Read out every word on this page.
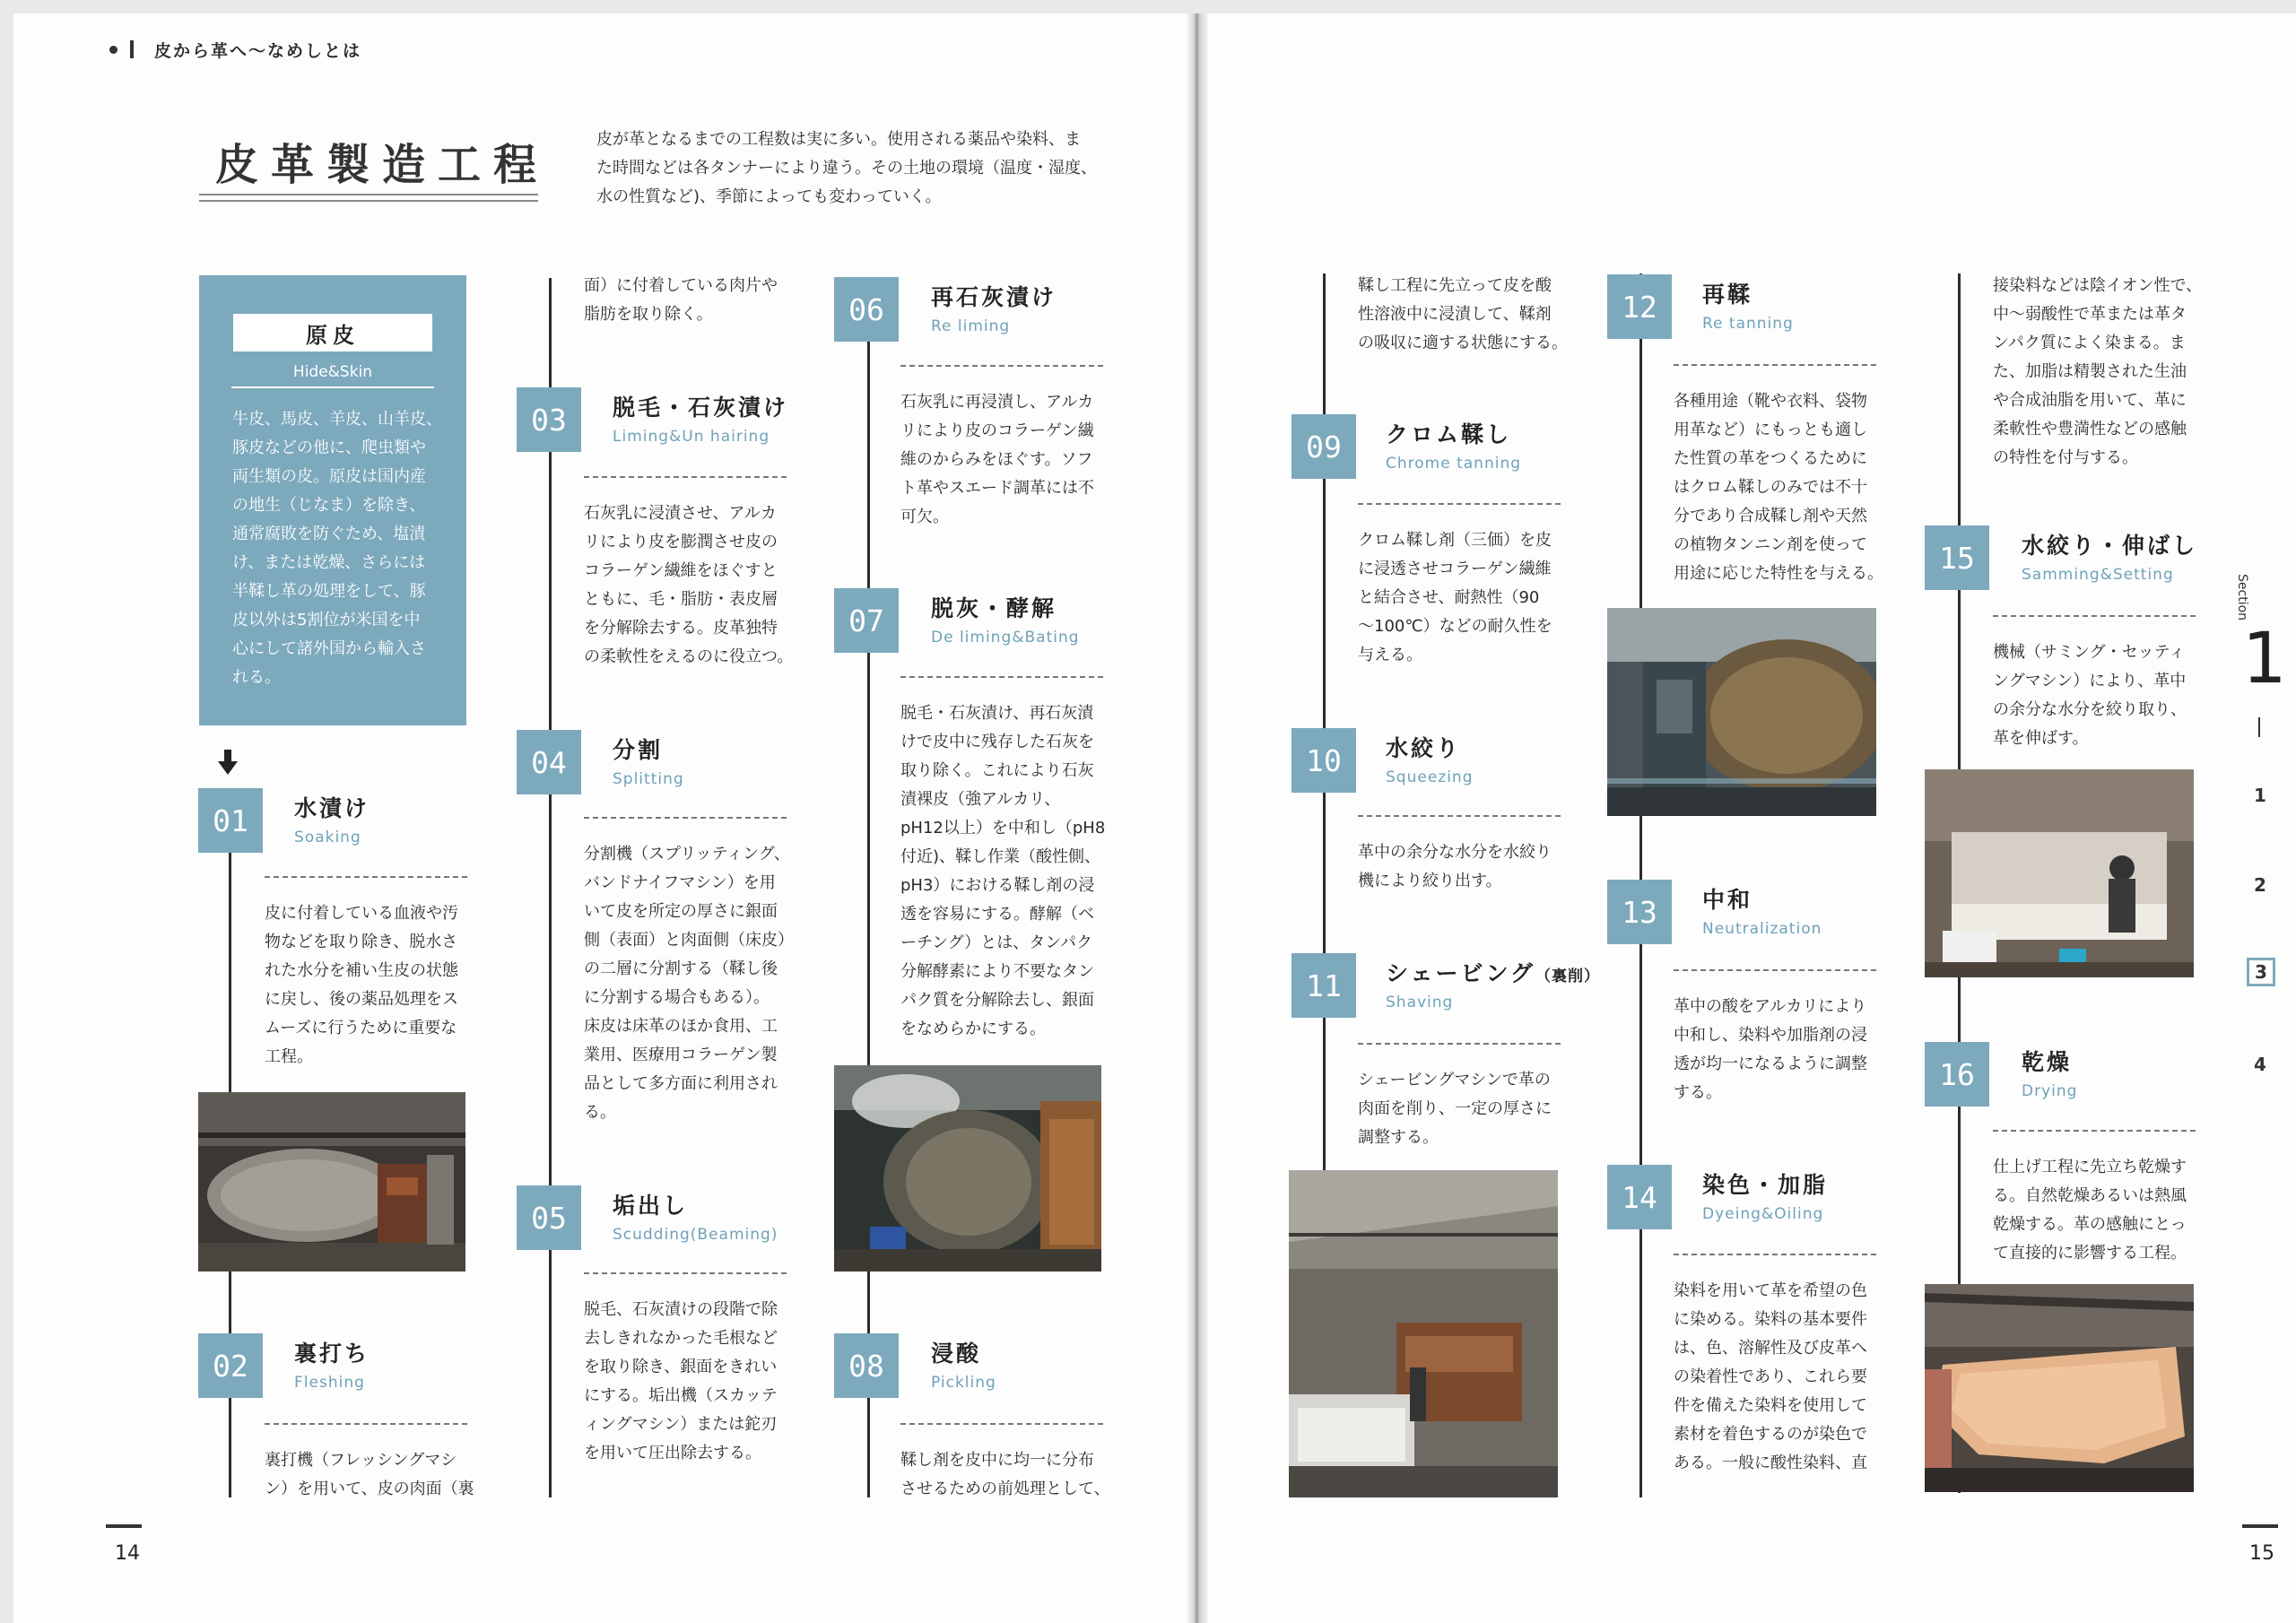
皮から革へ～なめしとは
皮革製造工程
皮が革となるまでの工程数は実に多い。使用される薬品や染料、ま
た時間などは各タンナーにより違う。その土地の環境（温度・湿度、
水の性質など)、季節によっても変わっていく。
原皮
Hide&Skin
牛皮、馬皮、羊皮、山羊皮、
豚皮などの他に、爬虫類や
両生類の皮。原皮は国内産
の地生（じなま）を除き、
通常腐敗を防ぐため、塩漬
け、または乾燥、さらには
半鞣し革の処理をして、豚
皮以外は5割位が米国を中
心にして諸外国から輸入さ
れる。
面）に付着している肉片や
脂肪を取り除く。
鞣し工程に先立って皮を酸
性溶液中に浸漬して、鞣剤
の吸収に適する状態にする。
接染料などは陰イオン性で、
中～弱酸性で革または革タ
ンパク質によく染まる。ま
た、加脂は精製された生油
や合成油脂を用いて、革に
柔軟性や豊満性などの感触
の特性を付与する。
01	水漬け
Soaking
皮に付着している血液や汚
物などを取り除き、脱水さ
れた水分を補い生皮の状態
に戻し、後の薬品処理をス
ムーズに行うために重要な
工程。
02	裏打ち
Fleshing
裏打機（フレッシングマシ
ン）を用いて、皮の肉面（裏
03	脱毛・石灰漬け
Liming&Un hairing
石灰乳に浸漬させ、アルカ
リにより皮を膨潤させ皮の
コラーゲン繊維をほぐすと
ともに、毛・脂肪・表皮層
を分解除去する。皮革独特
の柔軟性をえるのに役立つ。
04	分割
Splitting
分割機（スプリッティング、
バンドナイフマシン）を用
いて皮を所定の厚さに銀面
側（表面）と肉面側（床皮）
の二層に分割する（鞣し後
に分割する場合もある）。
床皮は床革のほか食用、工
業用、医療用コラーゲン製
品として多方面に利用され
る。
05	垢出し
Scudding(Beaming)
脱毛、石灰漬けの段階で除
去しきれなかった毛根など
を取り除き、銀面をきれい
にする。垢出機（スカッテ
ィングマシン）または鉈刃
を用いて圧出除去する。
06	再石灰漬け
Re liming
石灰乳に再浸漬し、アルカ
リにより皮のコラーゲン繊
維のからみをほぐす。ソフ
ト革やスエード調革には不
可欠。
07	脱灰・酵解
De liming&Bating
脱毛・石灰漬け、再石灰漬
けで皮中に残存した石灰を
取り除く。これにより石灰
漬裸皮（強アルカリ、
pH12以上）を中和し（pH8
付近)、鞣し作業（酸性側、
pH3）における鞣し剤の浸
透を容易にする。酵解（ベ
ーチング）とは、タンパク
分解酵素により不要なタン
パク質を分解除去し、銀面
をなめらかにする。
08	浸酸
Pickling
鞣し剤を皮中に均一に分布
させるための前処理として、
09	クロム鞣し
Chrome tanning
クロム鞣し剤（三価）を皮
に浸透させコラーゲン繊維
と結合させ、耐熱性（90
～100℃）などの耐久性を
与える。
10	水絞り
Squeezing
革中の余分な水分を水絞り
機により絞り出す。
11	シェービング（裏削）
Shaving
シェービングマシンで革の
肉面を削り、一定の厚さに
調整する。
12	再鞣
Re tanning
各種用途（靴や衣料、袋物
用革など）にもっとも適し
た性質の革をつくるために
はクロム鞣しのみでは不十
分であり合成鞣し剤や天然
の植物タンニン剤を使って
用途に応じた特性を与える。
13	中和
Neutralization
革中の酸をアルカリにより
中和し、染料や加脂剤の浸
透が均一になるように調整
する。
14	染色・加脂
Dyeing&Oiling
染料を用いて革を希望の色
に染める。染料の基本要件
は、色、溶解性及び皮革へ
の染着性であり、これら要
件を備えた染料を使用して
素材を着色するのが染色で
ある。一般に酸性染料、直
15	水絞り・伸ばし
Samming&Setting
機械（サミング・セッティ
ングマシン）により、革中
の余分な水分を絞り取り、
革を伸ばす。
16	乾燥
Drying
仕上げ工程に先立ち乾燥す
る。自然乾燥あるいは熱風
乾燥する。革の感触にとっ
て直接的に影響する工程。
14	15
Section
1
1
2
3
4
